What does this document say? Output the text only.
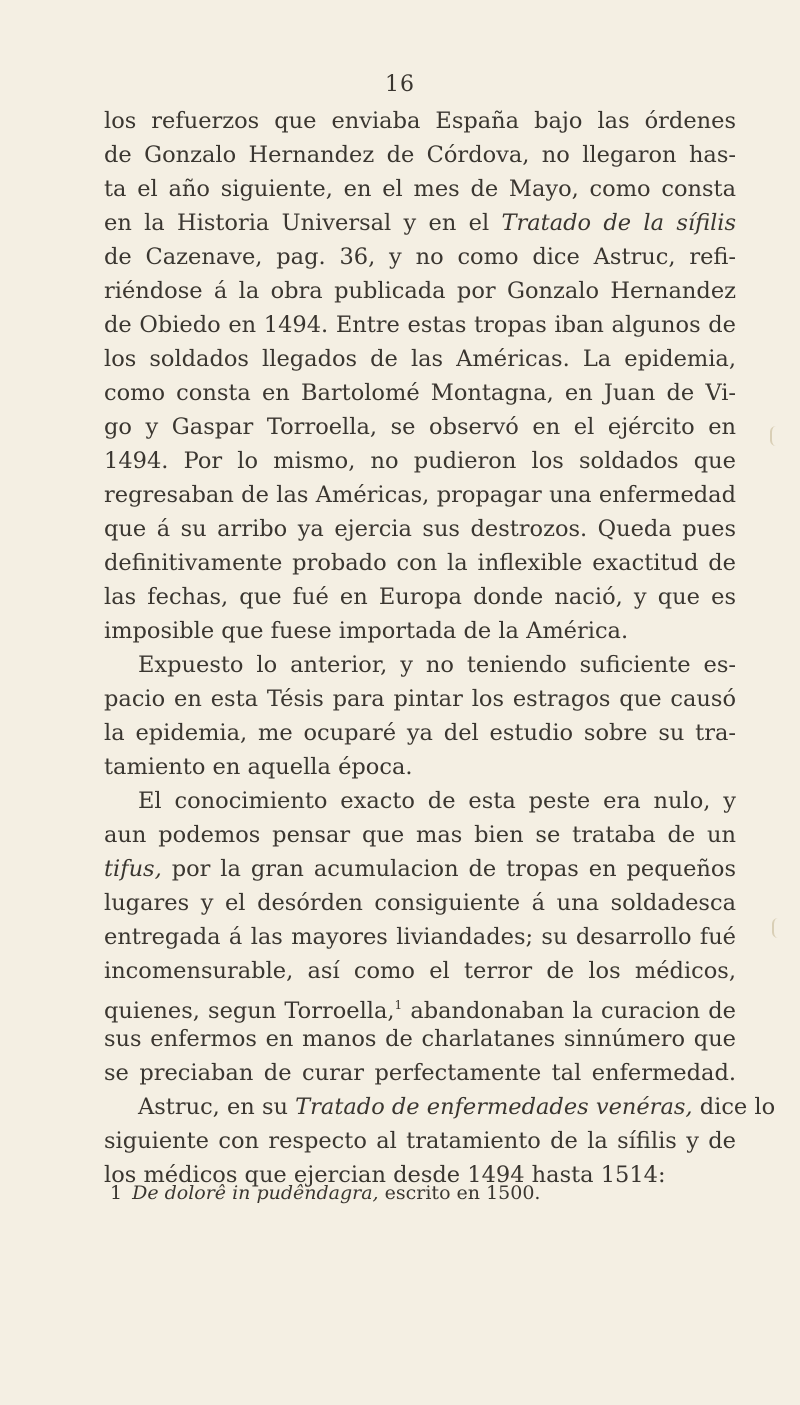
16
los refuerzos que enviaba España bajo las órdenes
de Gonzalo Hernandez de Córdova, no llegaron has-
ta el año siguiente, en el mes de Mayo, como consta
en la Historia Universal y en el Tratado de la sífilis
de Cazenave, pag. 36, y no como dice Astruc, refi-
riéndose á la obra publicada por Gonzalo Hernandez
de Obiedo en 1494. Entre estas tropas iban algunos de
los soldados llegados de las Américas. La epidemia,
como consta en Bartolomé Montagna, en Juan de Vi-
go y Gaspar Torroella, se observó en el ejército en
1494. Por lo mismo, no pudieron los soldados que
regresaban de las Américas, propagar una enfermedad
que á su arribo ya ejercia sus destrozos. Queda pues
definitivamente probado con la inflexible exactitud de
las fechas, que fué en Europa donde nació, y que es
imposible que fuese importada de la América.
Expuesto lo anterior, y no teniendo suficiente es-
pacio en esta Tésis para pintar los estragos que causó
la epidemia, me ocuparé ya del estudio sobre su tra-
tamiento en aquella época.
El conocimiento exacto de esta peste era nulo, y
aun podemos pensar que mas bien se trataba de un
tifus, por la gran acumulacion de tropas en pequeños
lugares y el desórden consiguiente á una soldadesca
entregada á las mayores liviandades; su desarrollo fué
incomensurable, así como el terror de los médicos,
quienes, segun Torroella,$^1$ abandonaban la curacion de
sus enfermos en manos de charlatanes sinnúmero que
se preciaban de curar perfectamente tal enfermedad.
Astruc, en su Tratado de enfermedades venéras, dice lo
siguiente con respecto al tratamiento de la sífilis y de
los médicos que ejercian desde 1494 hasta 1514:
1 De dolorê in pudêndagra, escrito en 1500.
